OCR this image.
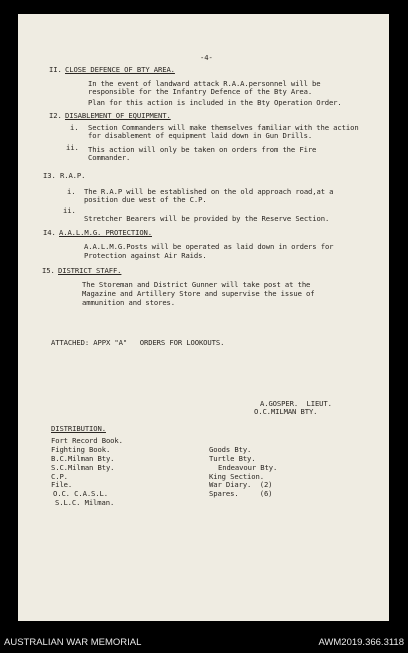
-4-
II. CLOSE DEFENCE OF BTY AREA.
In the event of landward attack R.A.A.personnel will be
responsible for the Infantry Defence of the Bty Area.
Plan for this action is included in the Bty Operation Order.
I2. DISABLEMENT OF EQUIPMENT.
i. Section Commanders will make themselves familiar with the action
for disablement of equipment laid down in Gun Drills.
ii. This action will only be taken on orders from the Fire
Commander.
I3. R.A.P.
i. The R.A.P will be established on the old approach road,at a
position due west of the C.P.
ii.
Stretcher Bearers will be provided by the Reserve Section.
I4. A.A.L.M.G. PROTECTION.
A.A.L.M.G.Posts will be operated as laid down in orders for
Protection against Air Raids.
I5. DISTRICT STAFF.
The Storeman and District Gunner will take post at the
Magazine and Artillery Store and supervise the issue of
ammunition and stores.
ATTACHED: APPX "A"   ORDERS FOR LOOKOUTS.
A.GOSPER.  LIEUT.
O.C.MILMAN BTY.
DISTRIBUTION.
Fort Record Book.
Fighting Book.
B.C.Milman Bty.
S.C.Milman Bty.
C.P.
File.
O.C. C.A.S.L.
S.L.C. Milman.
Goods Bty.
Turtle Bty.
Endeavour Bty.
King Section.
War Diary.  (2)
Spares.     (6)
AUSTRALIAN WAR MEMORIAL	AWM2019.366.3118
